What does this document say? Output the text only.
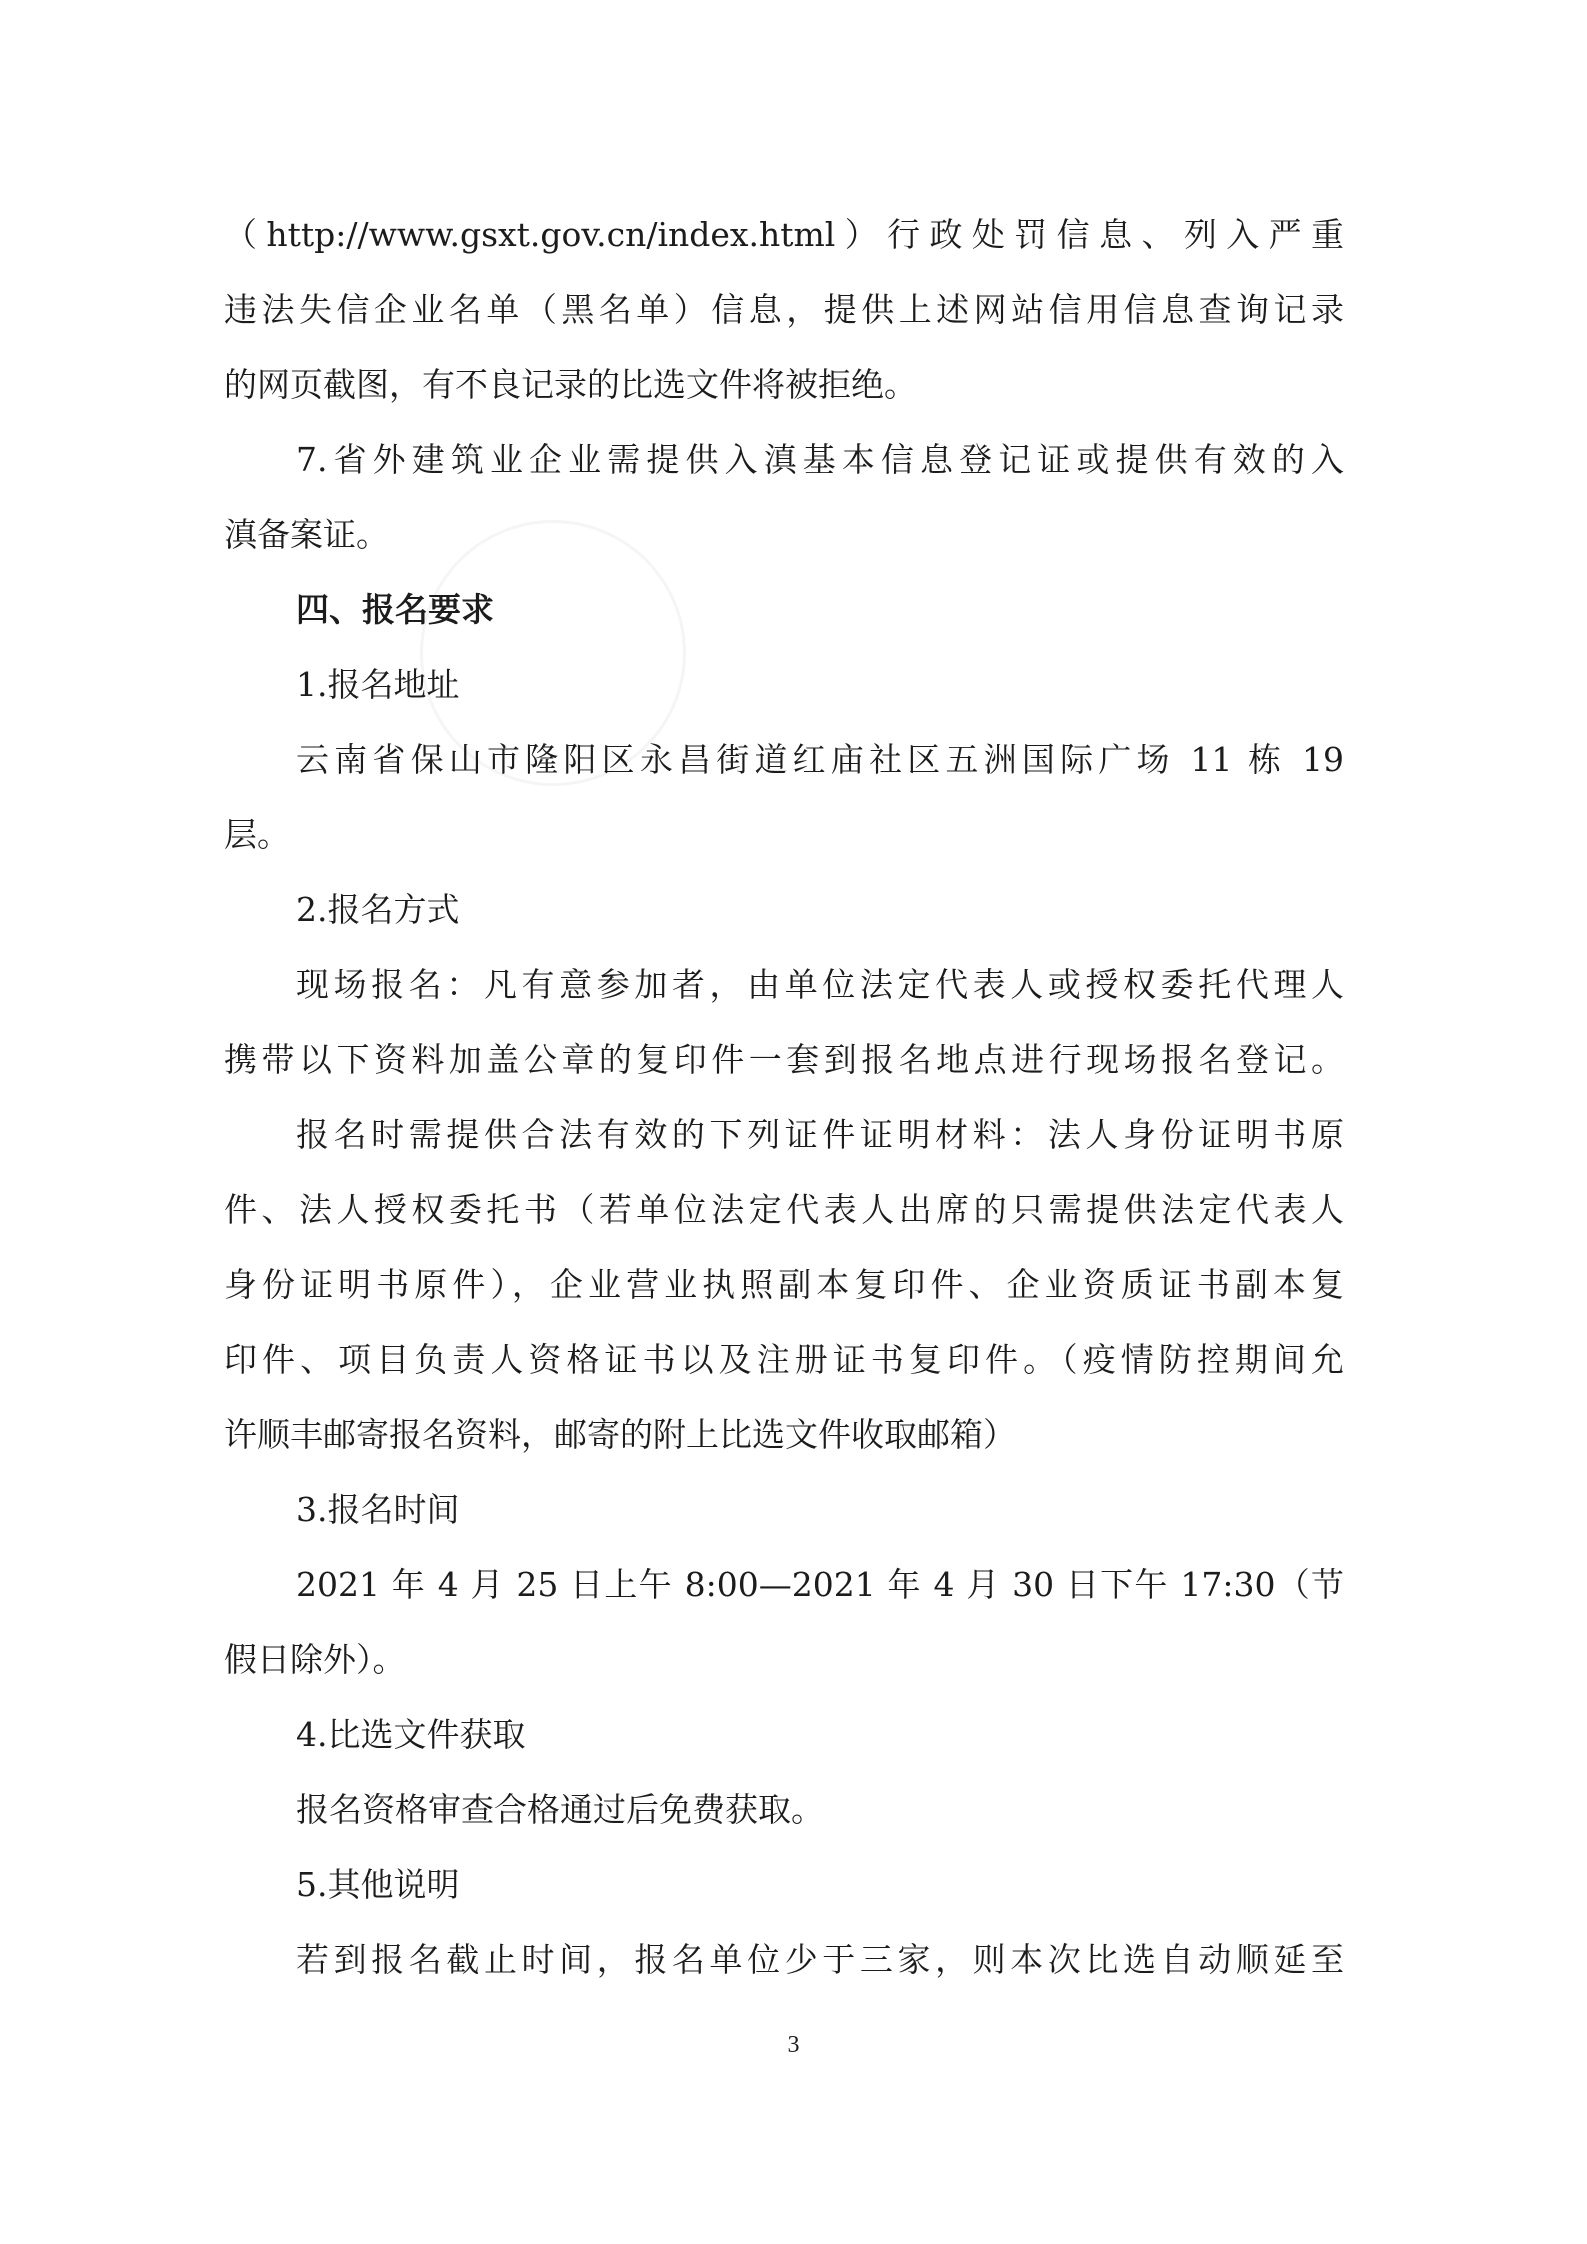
（http://www.gsxt.gov.cn/index.html）行政处罚信息、列入严重
违法失信企业名单（黑名单）信息，提供上述网站信用信息查询记录
的网页截图，有不良记录的比选文件将被拒绝。
7.省外建筑业企业需提供入滇基本信息登记证或提供有效的入
滇备案证。
四、报名要求
1.报名地址
云南省保山市隆阳区永昌街道红庙社区五洲国际广场 11 栋 19
层。
2.报名方式
现场报名：凡有意参加者，由单位法定代表人或授权委托代理人
携带以下资料加盖公章的复印件一套到报名地点进行现场报名登记。
报名时需提供合法有效的下列证件证明材料：法人身份证明书原
件、法人授权委托书（若单位法定代表人出席的只需提供法定代表人
身份证明书原件），企业营业执照副本复印件、企业资质证书副本复
印件、项目负责人资格证书以及注册证书复印件。（疫情防控期间允
许顺丰邮寄报名资料，邮寄的附上比选文件收取邮箱）
3.报名时间
2021 年 4 月 25 日上午 8:00—2021 年 4 月 30 日下午 17:30（节
假日除外）。
4.比选文件获取
报名资格审查合格通过后免费获取。
5.其他说明
若到报名截止时间，报名单位少于三家，则本次比选自动顺延至
3
